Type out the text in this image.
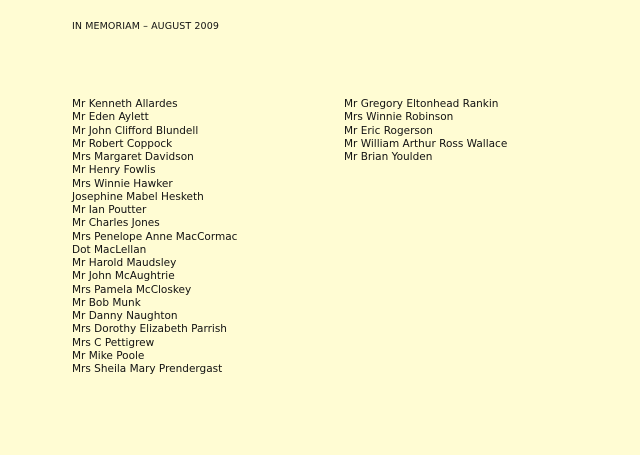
IN MEMORIAM – AUGUST 2009
Mr Kenneth Allardes
Mr Eden Aylett
Mr John Clifford Blundell
Mr Robert Coppock
Mrs Margaret Davidson
Mr Henry Fowlis
Mrs Winnie Hawker
Josephine Mabel Hesketh
Mr Ian Poutter
Mr Charles Jones
Mrs Penelope Anne MacCormac
Dot MacLellan
Mr Harold Maudsley
Mr John McAughtrie
Mrs Pamela McCloskey
Mr Bob Munk
Mr Danny Naughton
Mrs Dorothy Elizabeth Parrish
Mrs C Pettigrew
Mr Mike Poole
Mrs Sheila Mary Prendergast
Mr Gregory Eltonhead Rankin
Mrs Winnie Robinson
Mr Eric Rogerson
Mr William Arthur Ross Wallace
Mr Brian Youlden
